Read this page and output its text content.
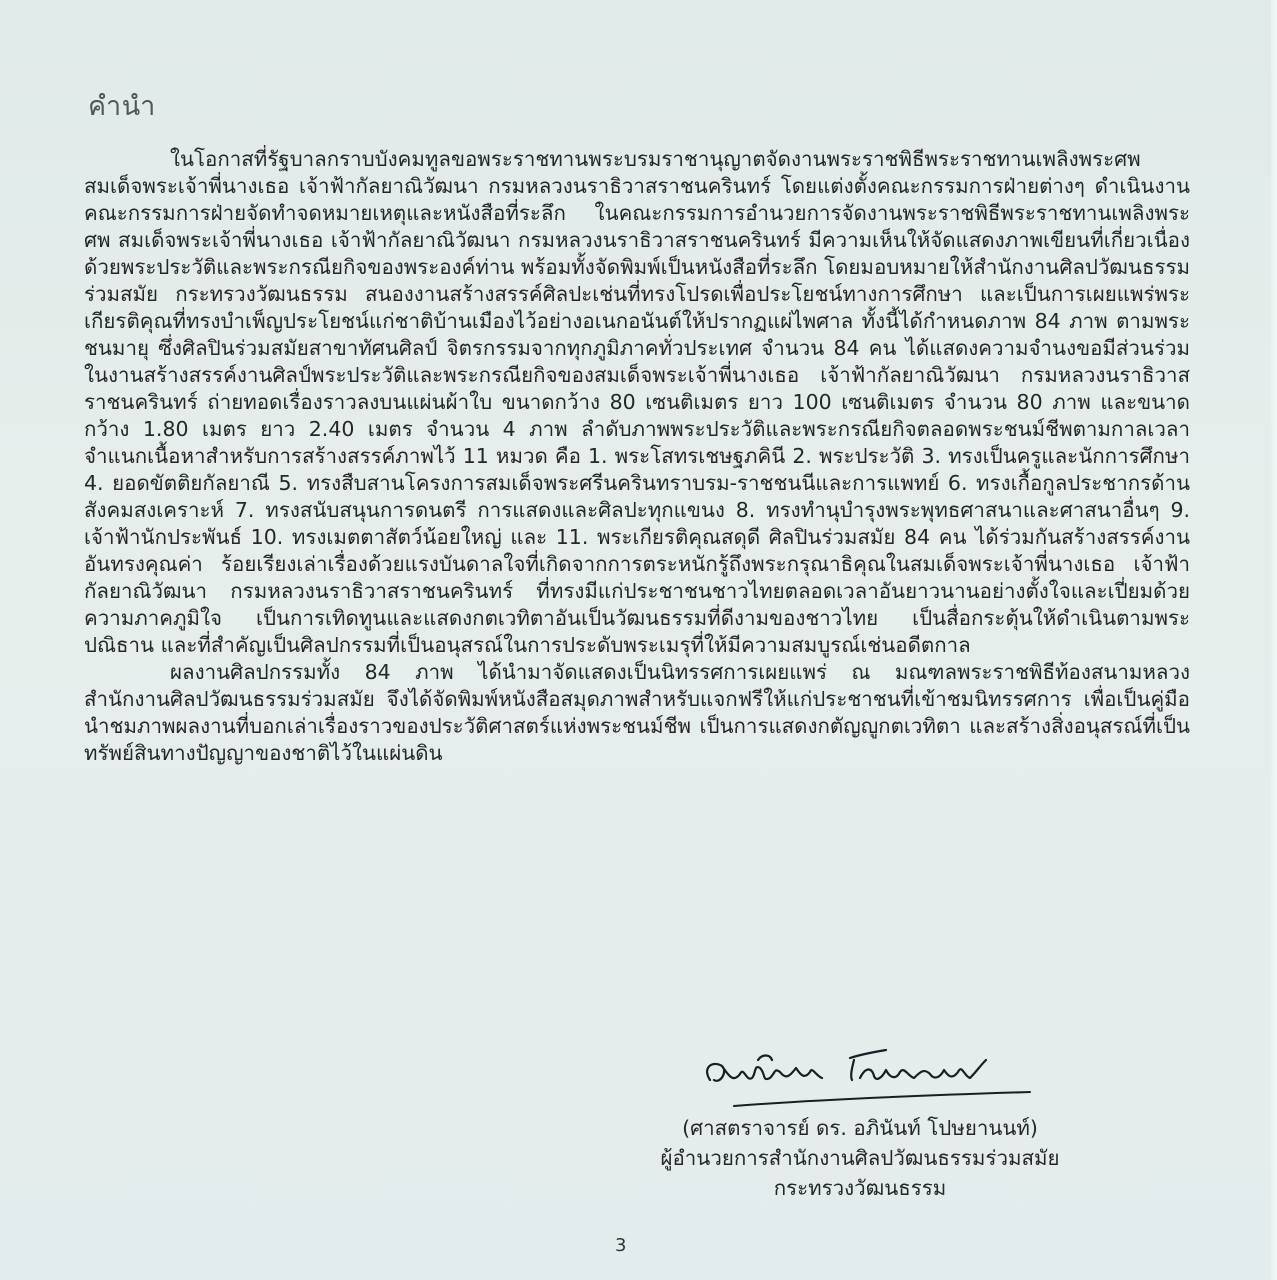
คำนำ

ในโอกาสที่รัฐบาลกราบบังคมทูลขอพระราชทานพระบรมราชานุญาตจัดงานพระราชพิธีพระราชทานเพลิงพระศพสมเด็จพระเจ้าพี่นางเธอ เจ้าฟ้ากัลยาณิวัฒนา กรมหลวงนราธิวาสราชนครินทร์ โดยแต่งตั้งคณะกรรมการฝ่ายต่างๆ ดำเนินงาน คณะกรรมการฝ่ายจัดทำจดหมายเหตุและหนังสือที่ระลึก ในคณะกรรมการอำนวยการจัดงานพระราชพิธีพระราชทานเพลิงพระศพ สมเด็จพระเจ้าพี่นางเธอ เจ้าฟ้ากัลยาณิวัฒนา กรมหลวงนราธิวาสราชนครินทร์ มีความเห็นให้จัดแสดงภาพเขียนที่เกี่ยวเนื่องด้วยพระประวัติและพระกรณียกิจของพระองค์ท่าน พร้อมทั้งจัดพิมพ์เป็นหนังสือที่ระลึก โดยมอบหมายให้สำนักงานศิลปวัฒนธรรมร่วมสมัย กระทรวงวัฒนธรรม สนองงานสร้างสรรค์ศิลปะเช่นที่ทรงโปรดเพื่อประโยชน์ทางการศึกษา และเป็นการเผยแพร่พระเกียรติคุณที่ทรงบำเพ็ญประโยชน์แก่ชาติบ้านเมืองไว้อย่างอเนกอนันต์ให้ปรากฏแผ่ไพศาล ทั้งนี้ได้กำหนดภาพ 84 ภาพ ตามพระชนมายุ ซึ่งศิลปินร่วมสมัยสาขาทัศนศิลป์ จิตรกรรมจากทุกภูมิภาคทั่วประเทศ จำนวน 84 คน ได้แสดงความจำนงขอมีส่วนร่วมในงานสร้างสรรค์งานศิลป์พระประวัติและพระกรณียกิจของสมเด็จพระเจ้าพี่นางเธอ เจ้าฟ้ากัลยาณิวัฒนา กรมหลวงนราธิวาสราชนครินทร์ ถ่ายทอดเรื่องราวลงบนแผ่นผ้าใบ ขนาดกว้าง 80 เซนติเมตร ยาว 100 เซนติเมตร จำนวน 80 ภาพ และขนาดกว้าง 1.80 เมตร ยาว 2.40 เมตร จำนวน 4 ภาพ ลำดับภาพพระประวัติและพระกรณียกิจตลอดพระชนม์ชีพตามกาลเวลา จำแนกเนื้อหาสำหรับการสร้างสรรค์ภาพไว้ 11 หมวด คือ 1. พระโสทรเชษฐภคินี 2. พระประวัติ 3. ทรงเป็นครูและนักการศึกษา 4. ยอดขัตติยกัลยาณี 5. ทรงสืบสานโครงการสมเด็จพระศรีนครินทราบรม-ราชชนนีและการแพทย์ 6. ทรงเกื้อกูลประชากรด้านสังคมสงเคราะห์ 7. ทรงสนับสนุนการดนตรี การแสดงและศิลปะทุกแขนง 8. ทรงทำนุบำรุงพระพุทธศาสนาและศาสนาอื่นๆ 9. เจ้าฟ้านักประพันธ์ 10. ทรงเมตตาสัตว์น้อยใหญ่ และ 11. พระเกียรติคุณสดุดี ศิลปินร่วมสมัย 84 คน ได้ร่วมกันสร้างสรรค์งานอันทรงคุณค่า ร้อยเรียงเล่าเรื่องด้วยแรงบันดาลใจที่เกิดจากการตระหนักรู้ถึงพระกรุณาธิคุณในสมเด็จพระเจ้าพี่นางเธอ เจ้าฟ้ากัลยาณิวัฒนา กรมหลวงนราธิวาสราชนครินทร์ ที่ทรงมีแก่ประชาชนชาวไทยตลอดเวลาอันยาวนานอย่างตั้งใจและเปี่ยมด้วยความภาคภูมิใจ เป็นการเทิดทูนและแสดงกตเวทิตาอันเป็นวัฒนธรรมที่ดีงามของชาวไทย เป็นสื่อกระตุ้นให้ดำเนินตามพระปณิธาน และที่สำคัญเป็นศิลปกรรมที่เป็นอนุสรณ์ในการประดับพระเมรุที่ให้มีความสมบูรณ์เช่นอดีตกาล

ผลงานศิลปกรรมทั้ง 84 ภาพ ได้นำมาจัดแสดงเป็นนิทรรศการเผยแพร่ ณ มณฑลพระราชพิธีท้องสนามหลวง สำนักงานศิลปวัฒนธรรมร่วมสมัย จึงได้จัดพิมพ์หนังสือสมุดภาพสำหรับแจกฟรีให้แก่ประชาชนที่เข้าชมนิทรรศการ เพื่อเป็นคู่มือนำชมภาพผลงานที่บอกเล่าเรื่องราวของประวัติศาสตร์แห่งพระชนม์ชีพ เป็นการแสดงกตัญญูกตเวทิตา และสร้างสิ่งอนุสรณ์ที่เป็นทรัพย์สินทางปัญญาของชาติไว้ในแผ่นดิน

(ศาสตราจารย์ ดร. อภินันท์ โปษยานนท์)
ผู้อำนวยการสำนักงานศิลปวัฒนธรรมร่วมสมัย
กระทรวงวัฒนธรรม
3
